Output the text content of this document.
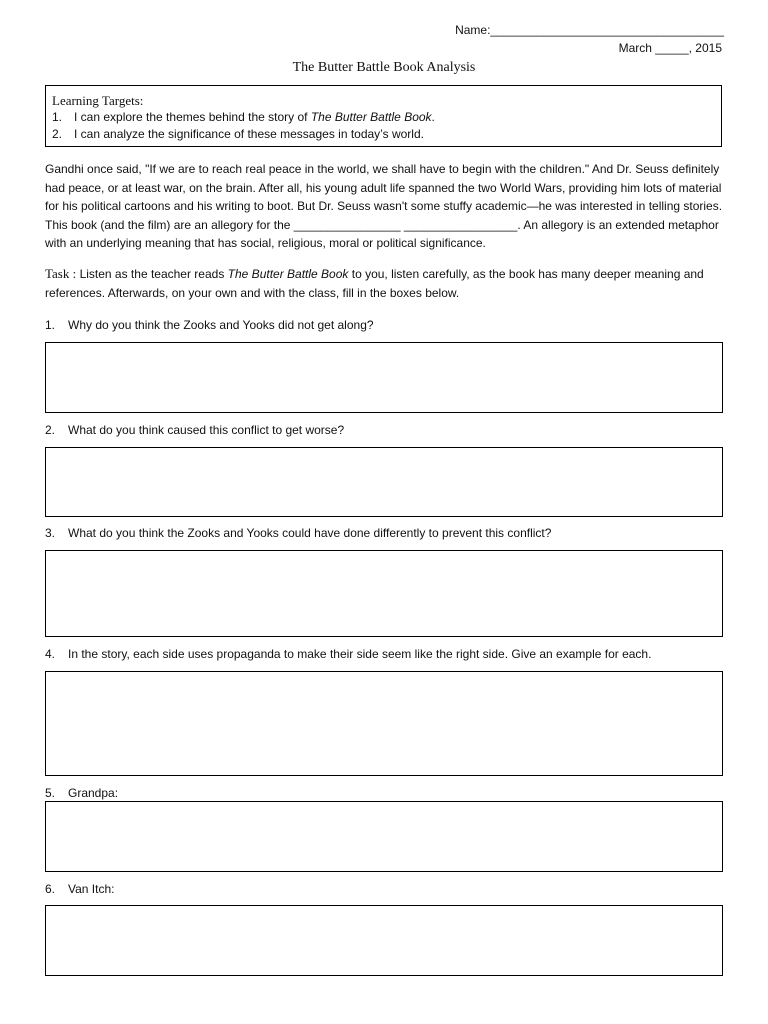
Name:___________________________________
March _____, 2015
The Butter Battle Book Analysis
Learning Targets:
1. I can explore the themes behind the story of The Butter Battle Book.
2. I can analyze the significance of these messages in today’s world.
Gandhi once said, "If we are to reach real peace in the world, we shall have to begin with the children." And Dr. Seuss definitely had peace, or at least war, on the brain. After all, his young adult life spanned the two World Wars, providing him lots of material for his political cartoons and his writing to boot. But Dr. Seuss wasn't some stuffy academic—he was interested in telling stories. This book (and the film) are an allegory for the ________________ _________________. An allegory is an extended metaphor with an underlying meaning that has social, religious, moral or political significance.
Task : Listen as the teacher reads The Butter Battle Book to you, listen carefully, as the book has many deeper meaning and references. Afterwards, on your own and with the class, fill in the boxes below.
1.	Why do you think the Zooks and Yooks did not get along?
2.	What do you think caused this conflict to get worse?
3.	What do you think the Zooks and Yooks could have done differently to prevent this conflict?
4.	In the story, each side uses propaganda to make their side seem like the right side. Give an example for each.
5.	Grandpa:
6.	Van Itch:
